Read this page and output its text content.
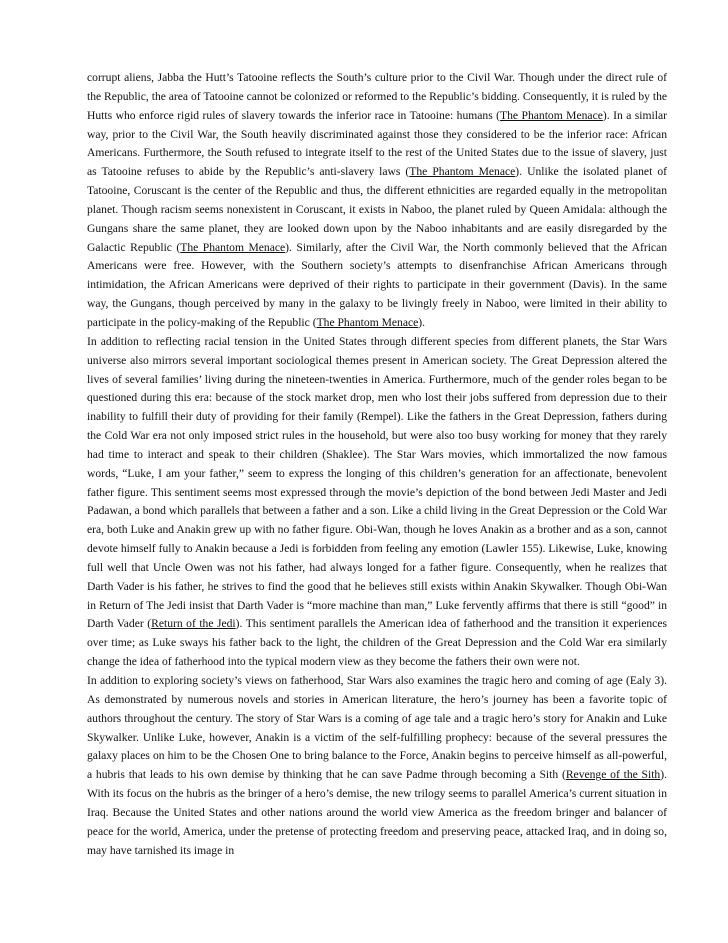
corrupt aliens, Jabba the Hutt’s Tatooine reflects the South’s culture prior to the Civil War. Though under the direct rule of the Republic, the area of Tatooine cannot be colonized or reformed to the Republic’s bidding. Consequently, it is ruled by the Hutts who enforce rigid rules of slavery towards the inferior race in Tatooine: humans (The Phantom Menace). In a similar way, prior to the Civil War, the South heavily discriminated against those they considered to be the inferior race: African Americans. Furthermore, the South refused to integrate itself to the rest of the United States due to the issue of slavery, just as Tatooine refuses to abide by the Republic’s anti-slavery laws (The Phantom Menace). Unlike the isolated planet of Tatooine, Coruscant is the center of the Republic and thus, the different ethnicities are regarded equally in the metropolitan planet. Though racism seems nonexistent in Coruscant, it exists in Naboo, the planet ruled by Queen Amidala: although the Gungans share the same planet, they are looked down upon by the Naboo inhabitants and are easily disregarded by the Galactic Republic (The Phantom Menace). Similarly, after the Civil War, the North commonly believed that the African Americans were free. However, with the Southern society’s attempts to disenfranchise African Americans through intimidation, the African Americans were deprived of their rights to participate in their government (Davis). In the same way, the Gungans, though perceived by many in the galaxy to be livingly freely in Naboo, were limited in their ability to participate in the policy-making of the Republic (The Phantom Menace).

In addition to reflecting racial tension in the United States through different species from different planets, the Star Wars universe also mirrors several important sociological themes present in American society. The Great Depression altered the lives of several families’ living during the nineteen-twenties in America. Furthermore, much of the gender roles began to be questioned during this era: because of the stock market drop, men who lost their jobs suffered from depression due to their inability to fulfill their duty of providing for their family (Rempel). Like the fathers in the Great Depression, fathers during the Cold War era not only imposed strict rules in the household, but were also too busy working for money that they rarely had time to interact and speak to their children (Shaklee). The Star Wars movies, which immortalized the now famous words, “Luke, I am your father,” seem to express the longing of this children’s generation for an affectionate, benevolent father figure. This sentiment seems most expressed through the movie’s depiction of the bond between Jedi Master and Jedi Padawan, a bond which parallels that between a father and a son. Like a child living in the Great Depression or the Cold War era, both Luke and Anakin grew up with no father figure. Obi-Wan, though he loves Anakin as a brother and as a son, cannot devote himself fully to Anakin because a Jedi is forbidden from feeling any emotion (Lawler 155). Likewise, Luke, knowing full well that Uncle Owen was not his father, had always longed for a father figure. Consequently, when he realizes that Darth Vader is his father, he strives to find the good that he believes still exists within Anakin Skywalker. Though Obi-Wan in Return of The Jedi insist that Darth Vader is “more machine than man,” Luke fervently affirms that there is still “good” in Darth Vader (Return of the Jedi). This sentiment parallels the American idea of fatherhood and the transition it experiences over time; as Luke sways his father back to the light, the children of the Great Depression and the Cold War era similarly change the idea of fatherhood into the typical modern view as they become the fathers their own were not.

In addition to exploring society’s views on fatherhood, Star Wars also examines the tragic hero and coming of age (Ealy 3). As demonstrated by numerous novels and stories in American literature, the hero’s journey has been a favorite topic of authors throughout the century. The story of Star Wars is a coming of age tale and a tragic hero’s story for Anakin and Luke Skywalker. Unlike Luke, however, Anakin is a victim of the self-fulfilling prophecy: because of the several pressures the galaxy places on him to be the Chosen One to bring balance to the Force, Anakin begins to perceive himself as all-powerful, a hubris that leads to his own demise by thinking that he can save Padme through becoming a Sith (Revenge of the Sith). With its focus on the hubris as the bringer of a hero’s demise, the new trilogy seems to parallel America’s current situation in Iraq. Because the United States and other nations around the world view America as the freedom bringer and balancer of peace for the world, America, under the pretense of protecting freedom and preserving peace, attacked Iraq, and in doing so, may have tarnished its image in
